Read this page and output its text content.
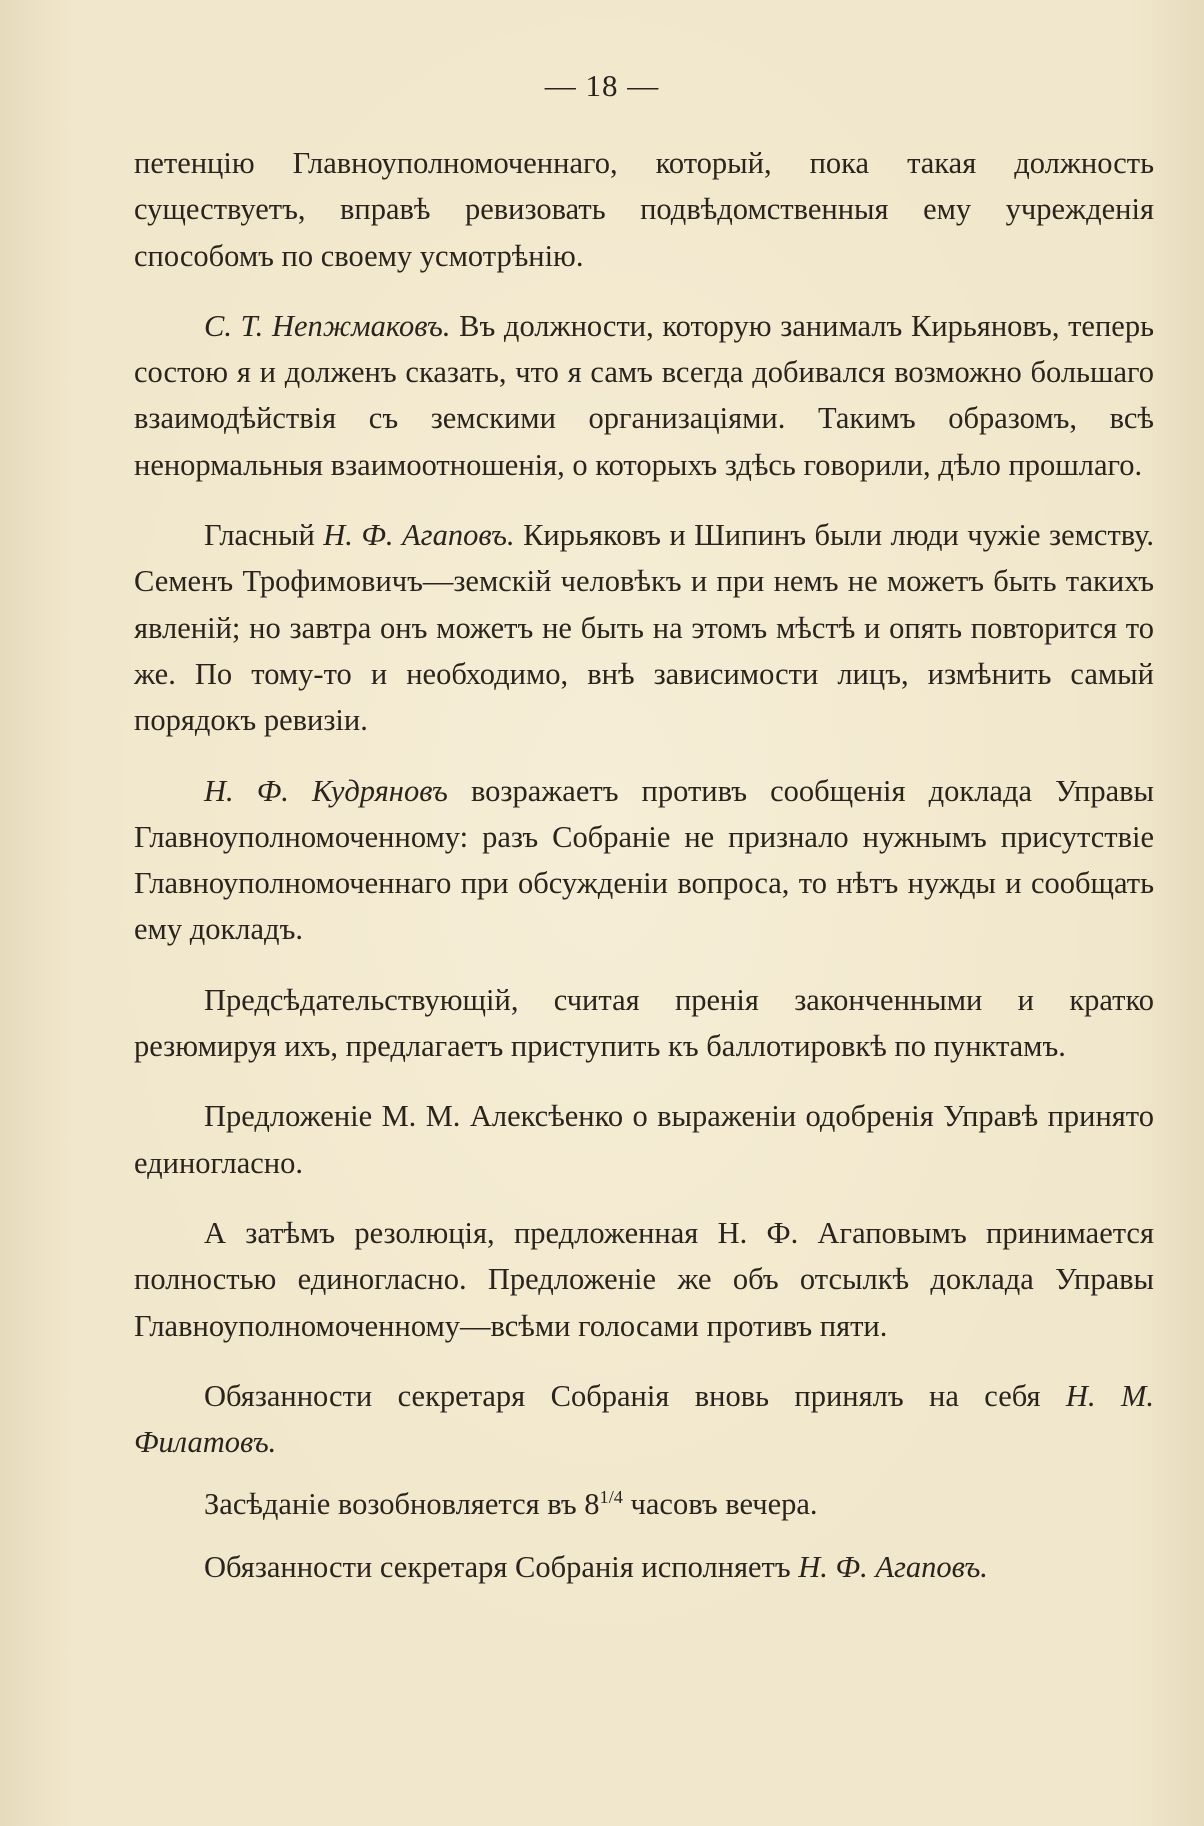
— 18 —

петенцію Главноуполномоченнаго, который, пока такая должность существуетъ, вправѣ ревизовать подвѣдомственныя ему учрежденія способомъ по своему усмотрѣнію.

С. Т. Непжмаковъ. Въ должности, которую занималъ Кирьяновъ, теперь состою я и долженъ сказать, что я самъ всегда добивался возможно большаго взаимодѣйствія съ земскими организаціями. Такимъ образомъ, всѣ ненормальныя взаимоотношенія, о которыхъ здѣсь говорили, дѣло прошлаго.

Гласный Н. Ф. Агаповъ. Кирьяковъ и Шипинъ были люди чужіе земству. Семенъ Трофимовичъ—земскій человѣкъ и при немъ не можетъ быть такихъ явленій; но завтра онъ можетъ не быть на этомъ мѣстѣ и опять повторится то же. По тому-то и необходимо, внѣ зависимости лицъ, измѣнить самый порядокъ ревизіи.

Н. Ф. Кудряновъ возражаетъ противъ сообщенія доклада Управы Главноуполномоченному: разъ Собраніе не признало нужнымъ присутствіе Главноуполномоченнаго при обсужденіи вопроса, то нѣтъ нужды и сообщать ему докладъ.

Предсѣдательствующій, считая пренія законченными и кратко резюмируя ихъ, предлагаетъ приступить къ баллотировкѣ по пунктамъ.

Предложеніе М. М. Алексѣенко о выраженіи одобренія Управѣ принято единогласно.

А затѣмъ резолюція, предложенная Н. Ф. Агаповымъ принимается полностью единогласно. Предложеніе же объ отсылкѣ доклада Управы Главноуполномоченному—всѣми голосами противъ пяти.

Обязанности секретаря Собранія вновь принялъ на себя Н. М. Филатовъ.

Засѣданіе возобновляется въ $8^{1/4}$ часовъ вечера.

Обязанности секретаря Собранія исполняетъ Н. Ф. Агаповъ.
